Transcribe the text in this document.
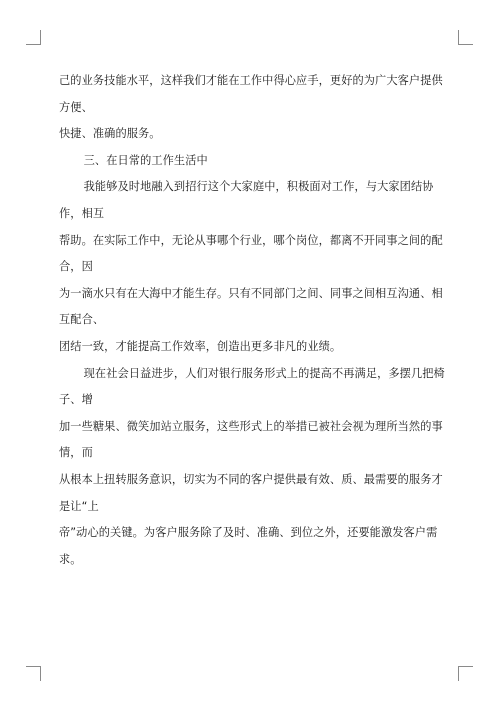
己的业务技能水平，这样我们才能在工作中得心应手，更好的为广大客户提供方便、
快捷、准确的服务。

三、在日常的工作生活中

我能够及时地融入到招行这个大家庭中，积极面对工作，与大家团结协作，相互
帮助。在实际工作中，无论从事哪个行业，哪个岗位，都离不开同事之间的配合，因
为一滴水只有在大海中才能生存。只有不同部门之间、同事之间相互沟通、相互配合、
团结一致，才能提高工作效率，创造出更多非凡的业绩。

现在社会日益进步，人们对银行服务形式上的提高不再满足，多摆几把椅子、增
加一些糖果、微笑加站立服务，这些形式上的举措已被社会视为理所当然的事情，而
从根本上扭转服务意识，切实为不同的客户提供最有效、质、最需要的服务才是让“上
帝”动心的关键。为客户服务除了及时、准确、到位之外，还要能激发客户需求。
